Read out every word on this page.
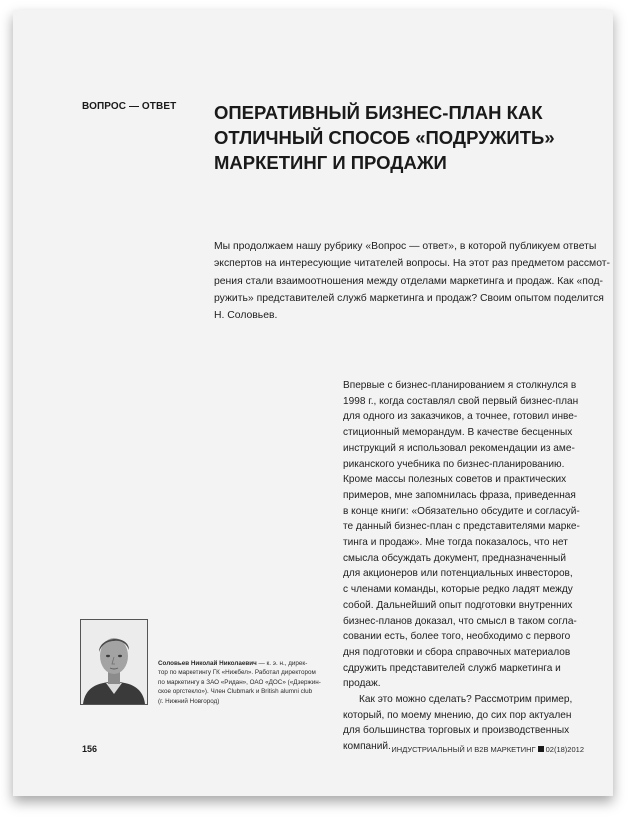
ВОПРОС — ОТВЕТ ОПЕРАТИВНЫЙ БИЗНЕС-ПЛАН КАК
ОТЛИЧНЫЙ СПОСОБ «ПОДРУЖИТЬ»
МАРКЕТИНГ И ПРОДАЖИ
Мы продолжаем нашу рубрику «Вопрос — ответ», в которой публикуем ответы
экспертов на интересующие читателей вопросы. На этот раз предметом рассмот-
рения стали взаимоотношения между отделами маркетинга и продаж. Как «под-
ружить» представителей служб маркетинга и продаж? Своим опытом поделится
Н. Соловьев.
Впервые с бизнес-планированием я столкнулся в
1998 г., когда составлял свой первый бизнес-план
для одного из заказчиков, а точнее, готовил инве-
стиционный меморандум. В качестве бесценных
инструкций я использовал рекомендации из аме-
риканского учебника по бизнес-планированию.
Кроме массы полезных советов и практических
примеров, мне запомнилась фраза, приведенная
в конце книги: «Обязательно обсудите и согласуй-
те данный бизнес-план с представителями марке-
тинга и продаж». Мне тогда показалось, что нет
смысла обсуждать документ, предназначенный
для акционеров или потенциальных инвесторов,
с членами команды, которые редко ладят между
собой. Дальнейший опыт подготовки внутренних
бизнес-планов доказал, что смысл в таком согла-
совании есть, более того, необходимо с первого
дня подготовки и сбора справочных материалов
сдружить представителей служб маркетинга и
продаж.
Как это можно сделать? Рассмотрим пример,
который, по моему мнению, до сих пор актуален
для большинства торговых и производственных
компаний.
Соловьев Николай Николаевич — к. э. н., дирек-
тор по маркетингу ГК «Нижбел». Работал директором
по маркетингу в ЗАО «Ридан», ОАО «ДОС» («Дзержин-
ское оргстекло»). Член Clubmark и British alumni club
(г. Нижний Новгород)
156	ИНДУСТРИАЛЬНЫЙ И B2B МАРКЕТИНГ 02(18)2012
